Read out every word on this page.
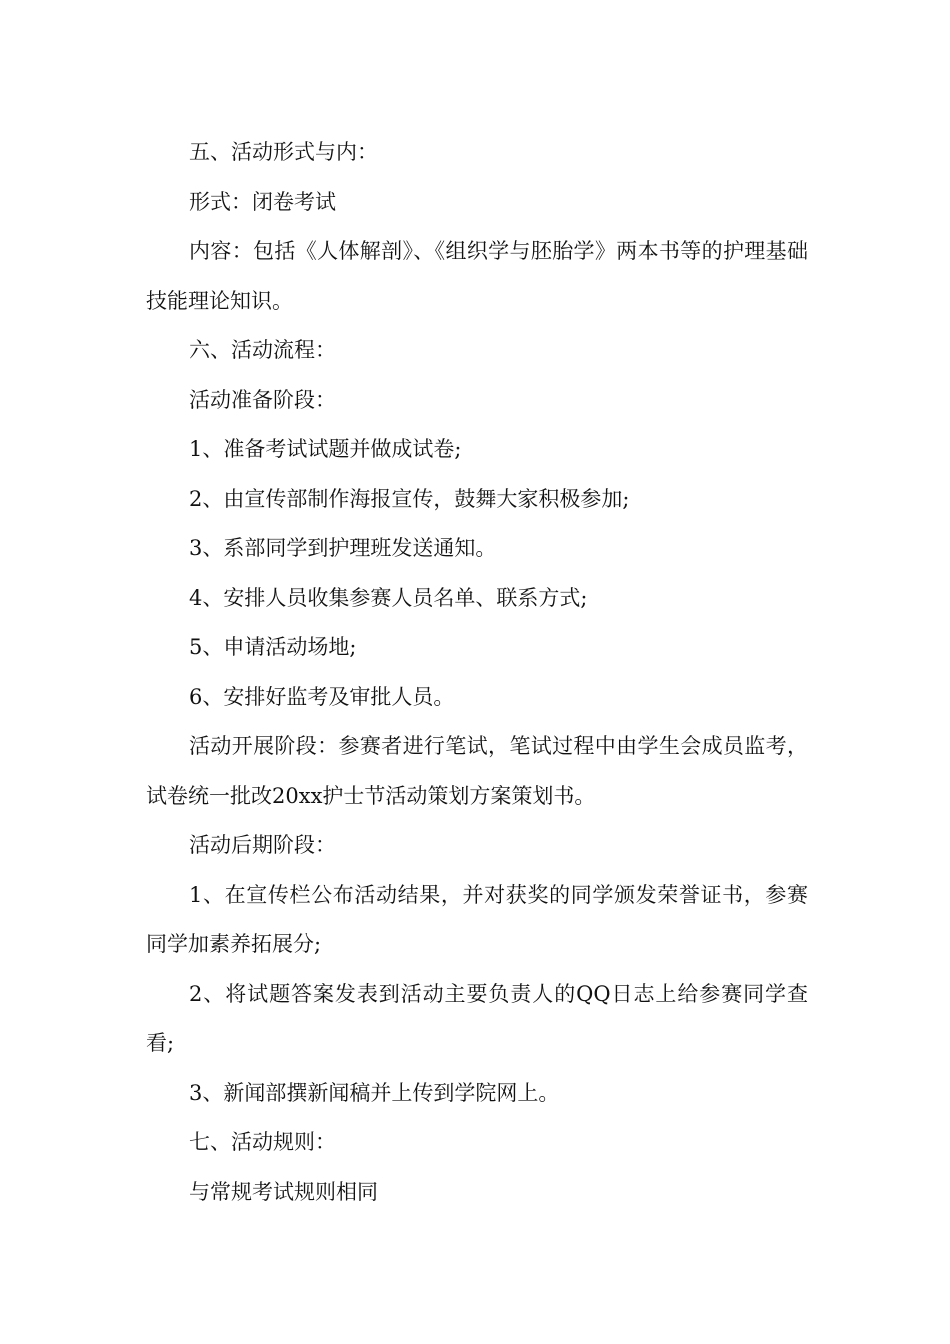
五、活动形式与内：

形式：闭卷考试

内容：包括《人体解剖》、《组织学与胚胎学》两本书等的护理基础技能理论知识。

六、活动流程：

活动准备阶段：

1、准备考试试题并做成试卷;

2、由宣传部制作海报宣传，鼓舞大家积极参加;

3、系部同学到护理班发送通知。

4、安排人员收集参赛人员名单、联系方式;

5、申请活动场地;

6、安排好监考及审批人员。

活动开展阶段：参赛者进行笔试，笔试过程中由学生会成员监考，试卷统一批改20xx护士节活动策划方案策划书。

活动后期阶段：

1、在宣传栏公布活动结果，并对获奖的同学颁发荣誉证书，参赛同学加素养拓展分;

2、将试题答案发表到活动主要负责人的QQ日志上给参赛同学查看;

3、新闻部撰新闻稿并上传到学院网上。

七、活动规则：

与常规考试规则相同
